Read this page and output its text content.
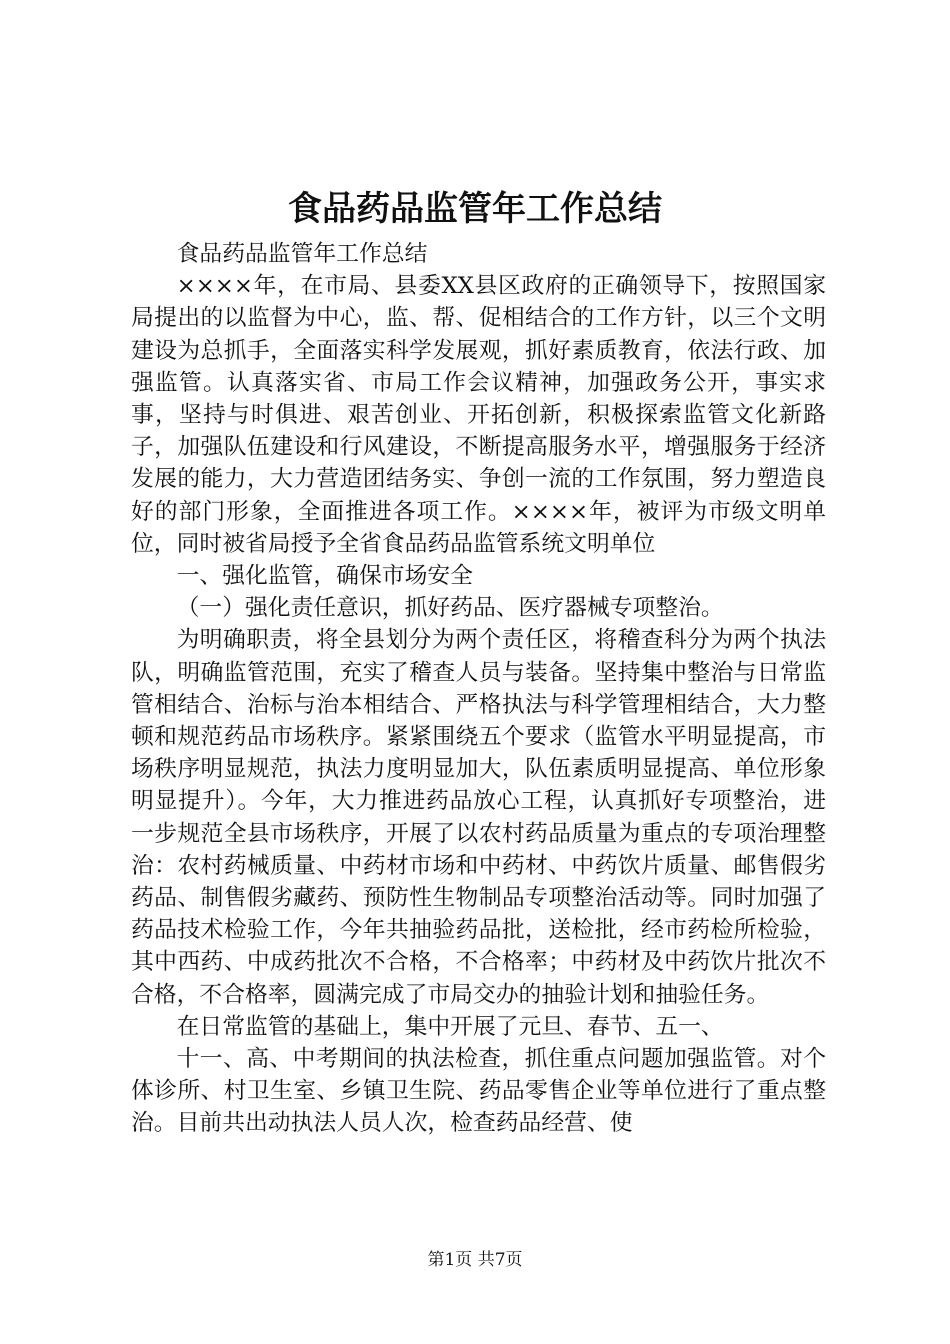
食品药品监管年工作总结

食品药品监管年工作总结

××××年，在市局、县委XX县区政府的正确领导下，按照国家局提出的以监督为中心，监、帮、促相结合的工作方针，以三个文明建设为总抓手，全面落实科学发展观，抓好素质教育，依法行政、加强监管。认真落实省、市局工作会议精神，加强政务公开，事实求事，坚持与时俱进、艰苦创业、开拓创新，积极探索监管文化新路子，加强队伍建设和行风建设，不断提高服务水平，增强服务于经济发展的能力，大力营造团结务实、争创一流的工作氛围，努力塑造良好的部门形象，全面推进各项工作。××××年，被评为市级文明单位，同时被省局授予全省食品药品监管系统文明单位

一、强化监管，确保市场安全

（一）强化责任意识，抓好药品、医疗器械专项整治。

为明确职责，将全县划分为两个责任区，将稽查科分为两个执法队，明确监管范围，充实了稽查人员与装备。坚持集中整治与日常监管相结合、治标与治本相结合、严格执法与科学管理相结合，大力整顿和规范药品市场秩序。紧紧围绕五个要求（监管水平明显提高，市场秩序明显规范，执法力度明显加大，队伍素质明显提高、单位形象明显提升）。今年，大力推进药品放心工程，认真抓好专项整治，进一步规范全县市场秩序，开展了以农村药品质量为重点的专项治理整治：农村药械质量、中药材市场和中药材、中药饮片质量、邮售假劣药品、制售假劣藏药、预防性生物制品专项整治活动等。同时加强了药品技术检验工作，今年共抽验药品批，送检批，经市药检所检验，其中西药、中成药批次不合格，不合格率；中药材及中药饮片批次不合格，不合格率，圆满完成了市局交办的抽验计划和抽验任务。

在日常监管的基础上，集中开展了元旦、春节、五一、

十一、高、中考期间的执法检查，抓住重点问题加强监管。对个体诊所、村卫生室、乡镇卫生院、药品零售企业等单位进行了重点整治。目前共出动执法人员人次，检查药品经营、使

第1页 共7页
